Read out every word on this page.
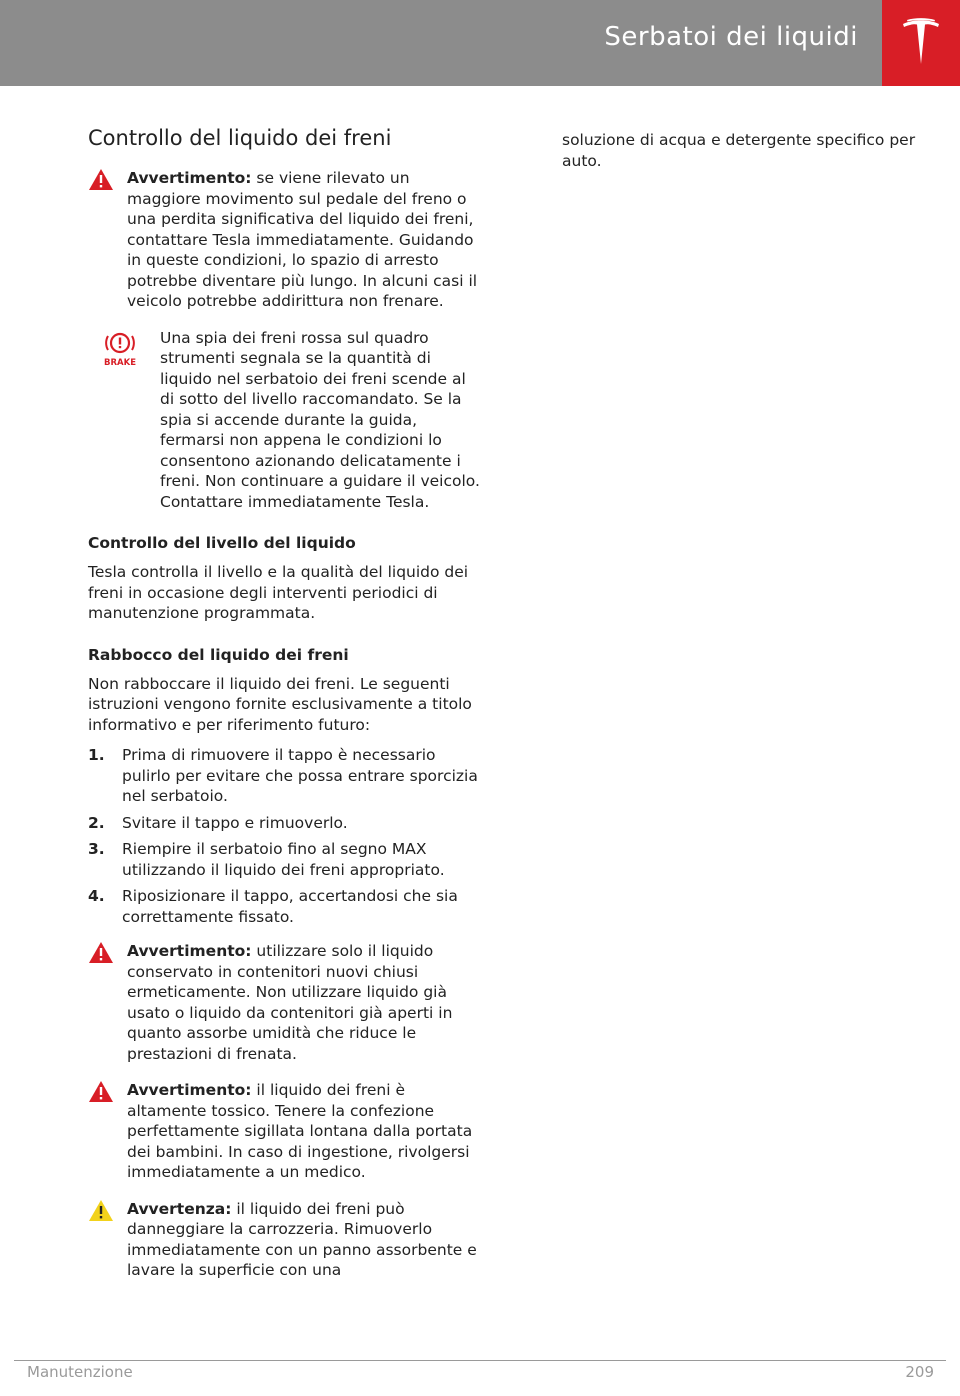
Serbatoi dei liquidi
Controllo del liquido dei freni

Avvertimento: se viene rilevato un maggiore movimento sul pedale del freno o una perdita significativa del liquido dei freni, contattare Tesla immediatamente. Guidando in queste condizioni, lo spazio di arresto potrebbe diventare più lungo. In alcuni casi il veicolo potrebbe addirittura non frenare.

BRAKE

Una spia dei freni rossa sul quadro strumenti segnala se la quantità di liquido nel serbatoio dei freni scende al di sotto del livello raccomandato. Se la spia si accende durante la guida, fermarsi non appena le condizioni lo consentono azionando delicatamente i freni. Non continuare a guidare il veicolo. Contattare immediatamente Tesla.

Controllo del livello del liquido

Tesla controlla il livello e la qualità del liquido dei freni in occasione degli interventi periodici di manutenzione programmata.

Rabbocco del liquido dei freni

Non rabboccare il liquido dei freni. Le seguenti istruzioni vengono fornite esclusivamente a titolo informativo e per riferimento futuro:

1. Prima di rimuovere il tappo è necessario pulirlo per evitare che possa entrare sporcizia nel serbatoio.
2. Svitare il tappo e rimuoverlo.
3. Riempire il serbatoio fino al segno MAX utilizzando il liquido dei freni appropriato.
4. Riposizionare il tappo, accertandosi che sia correttamente fissato.

Avvertimento: utilizzare solo il liquido conservato in contenitori nuovi chiusi ermeticamente. Non utilizzare liquido già usato o liquido da contenitori già aperti in quanto assorbe umidità che riduce le prestazioni di frenata.

Avvertimento: il liquido dei freni è altamente tossico. Tenere la confezione perfettamente sigillata lontana dalla portata dei bambini. In caso di ingestione, rivolgersi immediatamente a un medico.

Avvertenza: il liquido dei freni può danneggiare la carrozzeria. Rimuoverlo immediatamente con un panno assorbente e lavare la superficie con una

soluzione di acqua e detergente specifico per auto.

Manutenzione	209
